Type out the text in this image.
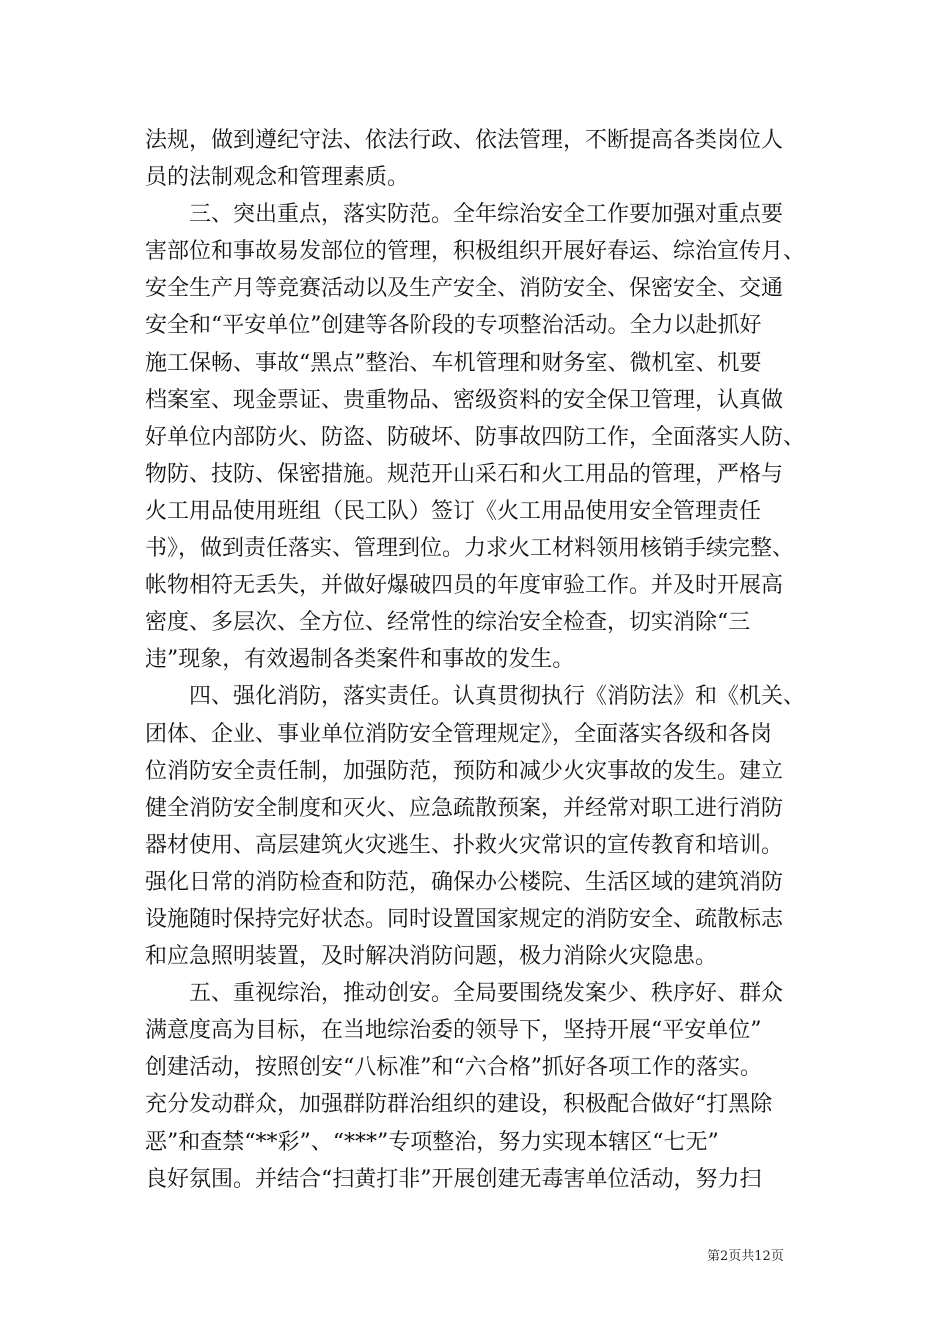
法规，做到遵纪守法、依法行政、依法管理，不断提高各类岗位人
员的法制观念和管理素质。
三、突出重点，落实防范。全年综治安全工作要加强对重点要
害部位和事故易发部位的管理，积极组织开展好春运、综治宣传月、
安全生产月等竞赛活动以及生产安全、消防安全、保密安全、交通
安全和“平安单位”创建等各阶段的专项整治活动。全力以赴抓好
施工保畅、事故“黑点”整治、车机管理和财务室、微机室、机要
档案室、现金票证、贵重物品、密级资料的安全保卫管理，认真做
好单位内部防火、防盗、防破坏、防事故四防工作，全面落实人防、
物防、技防、保密措施。规范开山采石和火工用品的管理，严格与
火工用品使用班组（民工队）签订《火工用品使用安全管理责任
书》，做到责任落实、管理到位。力求火工材料领用核销手续完整、
帐物相符无丢失，并做好爆破四员的年度审验工作。并及时开展高
密度、多层次、全方位、经常性的综治安全检查，切实消除“三
违”现象，有效遏制各类案件和事故的发生。
四、强化消防，落实责任。认真贯彻执行《消防法》和《机关、
团体、企业、事业单位消防安全管理规定》，全面落实各级和各岗
位消防安全责任制，加强防范，预防和减少火灾事故的发生。建立
健全消防安全制度和灭火、应急疏散预案，并经常对职工进行消防
器材使用、高层建筑火灾逃生、扑救火灾常识的宣传教育和培训。
强化日常的消防检查和防范，确保办公楼院、生活区域的建筑消防
设施随时保持完好状态。同时设置国家规定的消防安全、疏散标志
和应急照明装置，及时解决消防问题，极力消除火灾隐患。
五、重视综治，推动创安。全局要围绕发案少、秩序好、群众
满意度高为目标，在当地综治委的领导下，坚持开展“平安单位”
创建活动，按照创安“八标准”和“六合格”抓好各项工作的落实。
充分发动群众，加强群防群治组织的建设，积极配合做好“打黑除
恶”和查禁“**彩”、“***”专项整治，努力实现本辖区“七无”
良好氛围。并结合“扫黄打非”开展创建无毒害单位活动，努力扫
第2页共12页
